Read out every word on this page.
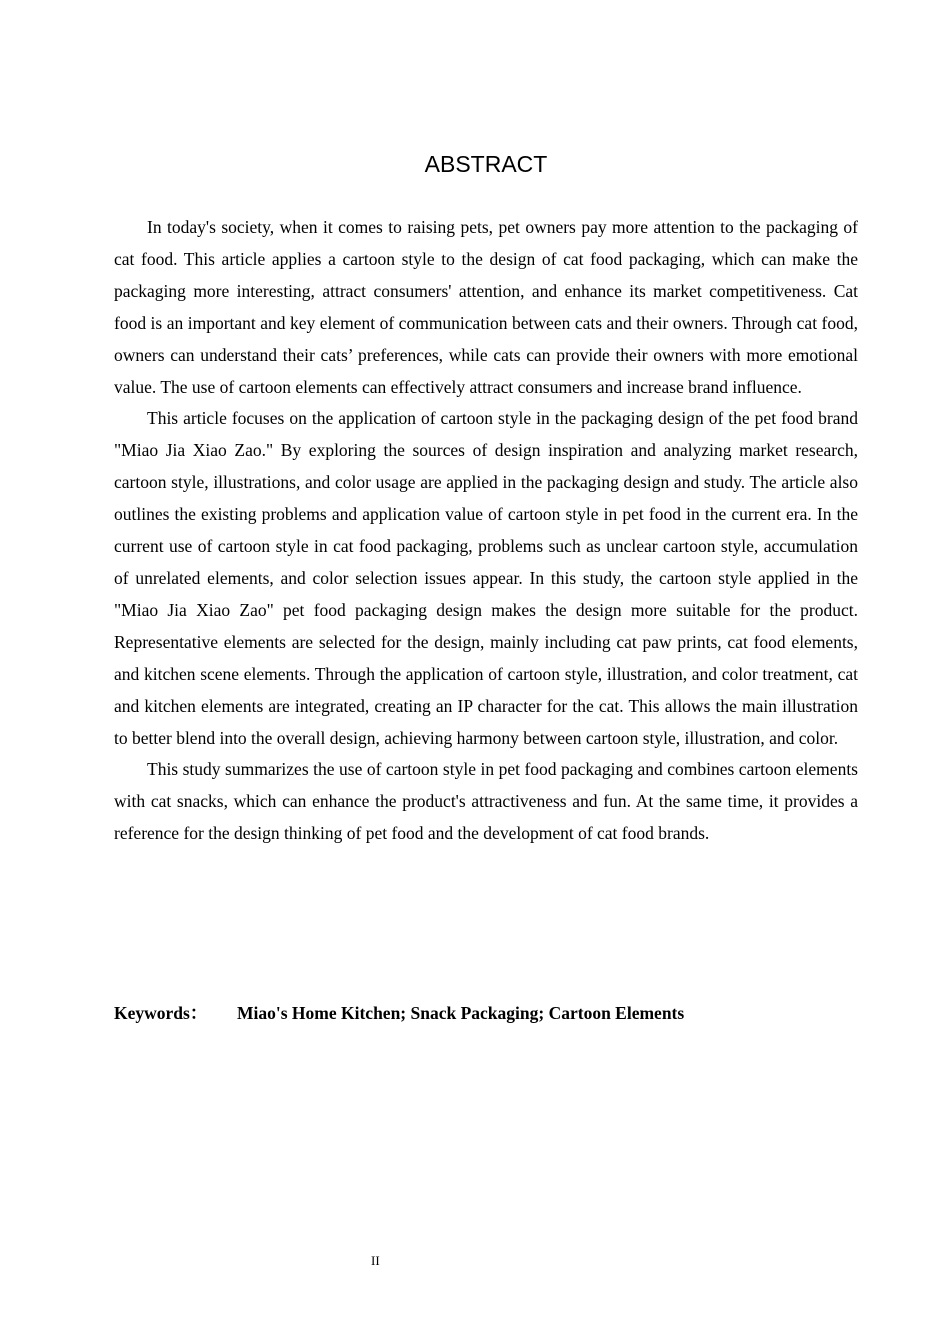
ABSTRACT

In today's society, when it comes to raising pets, pet owners pay more attention to the packaging of cat food. This article applies a cartoon style to the design of cat food packaging, which can make the packaging more interesting, attract consumers' attention, and enhance its market competitiveness. Cat food is an important and key element of communication between cats and their owners. Through cat food, owners can understand their cats’ preferences, while cats can provide their owners with more emotional value. The use of cartoon elements can effectively attract consumers and increase brand influence.

This article focuses on the application of cartoon style in the packaging design of the pet food brand "Miao Jia Xiao Zao." By exploring the sources of design inspiration and analyzing market research, cartoon style, illustrations, and color usage are applied in the packaging design and study. The article also outlines the existing problems and application value of cartoon style in pet food in the current era. In the current use of cartoon style in cat food packaging, problems such as unclear cartoon style, accumulation of unrelated elements, and color selection issues appear. In this study, the cartoon style applied in the "Miao Jia Xiao Zao" pet food packaging design makes the design more suitable for the product. Representative elements are selected for the design, mainly including cat paw prints, cat food elements, and kitchen scene elements. Through the application of cartoon style, illustration, and color treatment, cat and kitchen elements are integrated, creating an IP character for the cat. This allows the main illustration to better blend into the overall design, achieving harmony between cartoon style, illustration, and color.

This study summarizes the use of cartoon style in pet food packaging and combines cartoon elements with cat snacks, which can enhance the product's attractiveness and fun. At the same time, it provides a reference for the design thinking of pet food and the development of cat food brands.

Keywords： Miao's Home Kitchen; Snack Packaging; Cartoon Elements
II
